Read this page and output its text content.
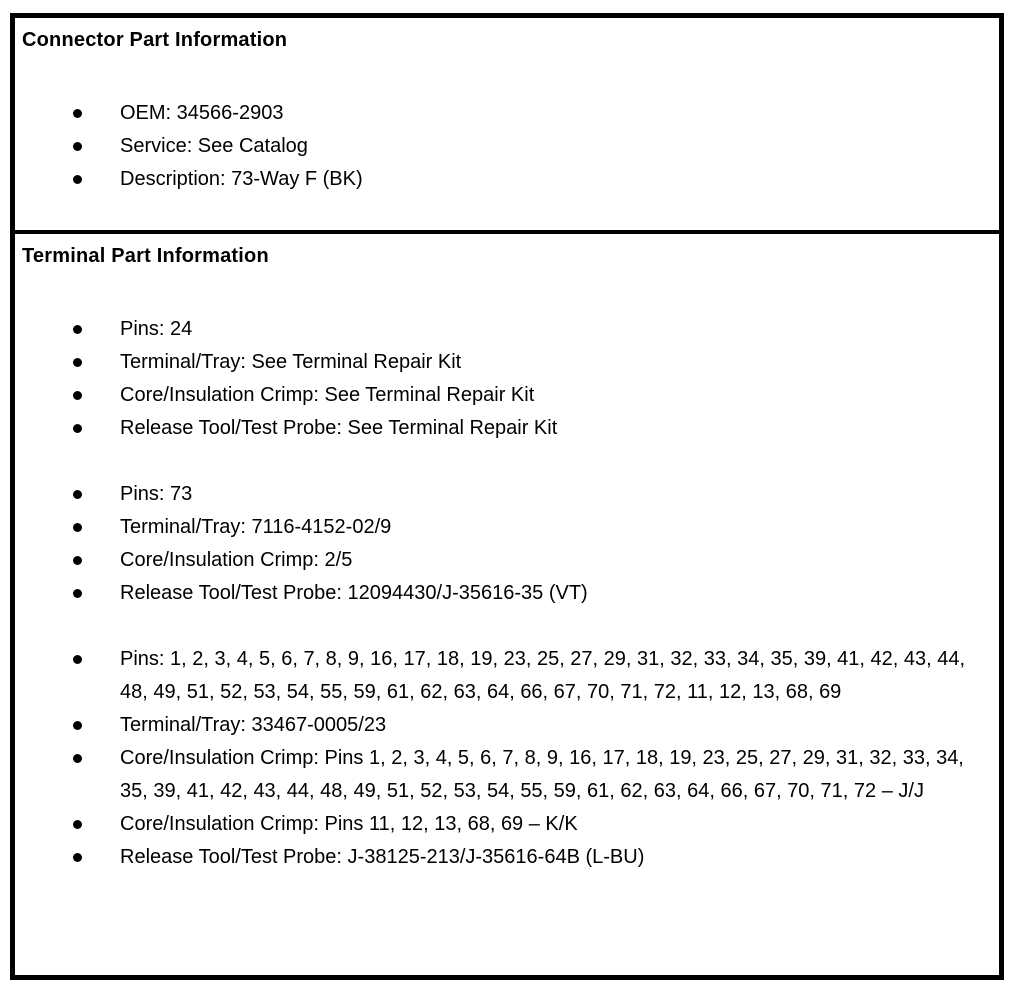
Connector Part Information
OEM: 34566-2903
Service: See Catalog
Description: 73-Way F (BK)
Terminal Part Information
Pins: 24
Terminal/Tray: See Terminal Repair Kit
Core/Insulation Crimp: See Terminal Repair Kit
Release Tool/Test Probe: See Terminal Repair Kit
Pins: 73
Terminal/Tray: 7116-4152-02/9
Core/Insulation Crimp: 2/5
Release Tool/Test Probe: 12094430/J-35616-35 (VT)
Pins: 1, 2, 3, 4, 5, 6, 7, 8, 9, 16, 17, 18, 19, 23, 25, 27, 29, 31, 32, 33, 34, 35, 39, 41, 42, 43, 44, 48, 49, 51, 52, 53, 54, 55, 59, 61, 62, 63, 64, 66, 67, 70, 71, 72, 11, 12, 13, 68, 69
Terminal/Tray: 33467-0005/23
Core/Insulation Crimp: Pins 1, 2, 3, 4, 5, 6, 7, 8, 9, 16, 17, 18, 19, 23, 25, 27, 29, 31, 32, 33, 34, 35, 39, 41, 42, 43, 44, 48, 49, 51, 52, 53, 54, 55, 59, 61, 62, 63, 64, 66, 67, 70, 71, 72 – J/J
Core/Insulation Crimp: Pins 11, 12, 13, 68, 69 – K/K
Release Tool/Test Probe: J-38125-213/J-35616-64B (L-BU)
